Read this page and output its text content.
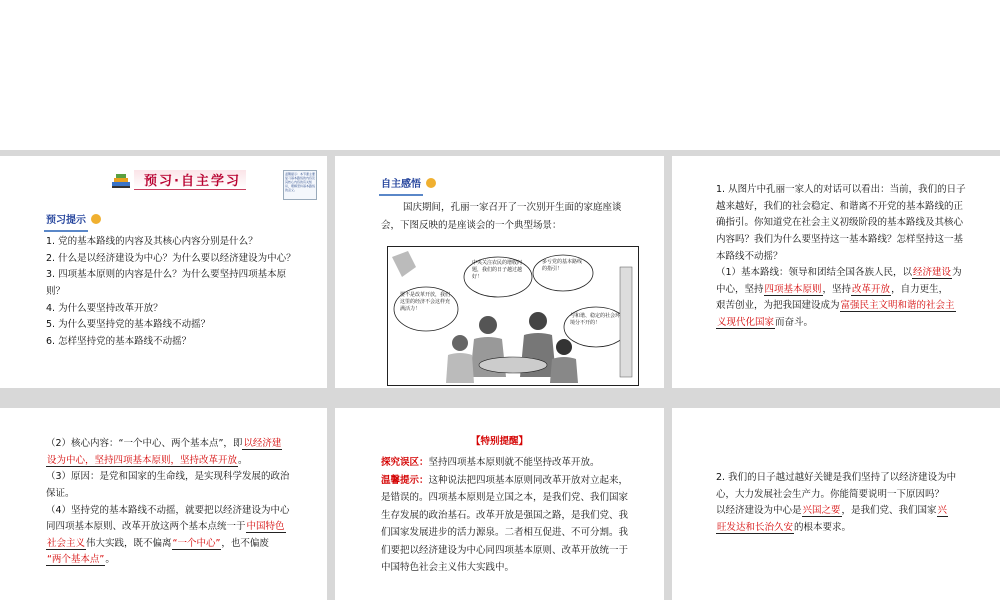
预习·自主学习	温馨提示：本节课主要复习基本路线的内容及其核心内容的有关知识，理解坚持基本路线的意义。
预习提示

1. 党的基本路线的内容及其核心内容分别是什么？

2. 什么是以经济建设为中心？为什么要以经济建设为中心？

3. 四项基本原则的内容是什么？为什么要坚持四项基本原

则？

4. 为什么要坚持改革开放？

5. 为什么要坚持党的基本路线不动摇？

6. 怎样坚持党的基本路线不动摇？

自主感悟

国庆期间，孔丽一家召开了一次别开生面的家庭座谈

会，下图反映的是座谈会的一个典型场景：

中央关注农民的增收问题，我们的日子越过越好！
多亏党的基本路线的指引！
要不是改革开放，我们这里的经济不会这样充满活力！
与和谐、稳定的社会环境分不开的！

1. 从图片中孔丽一家人的对话可以看出：当前，我们的日子

越来越好，我们的社会稳定、和谐离不开党的基本路线的正

确指引。你知道党在社会主义初级阶段的基本路线及其核心

内容吗？我们为什么要坚持这一基本路线？怎样坚持这一基

本路线不动摇？

（1）基本路线：领导和团结全国各族人民，以经济建设为

中心，坚持四项基本原则，坚持改革开放，自力更生，

艰苦创业，为把我国建设成为富强民主文明和谐的社会主

义现代化国家而奋斗。

（2）核心内容：“一个中心、两个基本点”，即以经济建

设为中心，坚持四项基本原则，坚持改革开放。

（3）原因：是党和国家的生命线，是实现科学发展的政治

保证。

（4）坚持党的基本路线不动摇，就要把以经济建设为中心

同四项基本原则、改革开放这两个基本点统一于中国特色

社会主义伟大实践，既不偏离“一个中心”，也不偏废

“两个基本点”。

【特别提醒】

探究误区：坚持四项基本原则就不能坚持改革开放。

温馨提示：这种说法把四项基本原则同改革开放对立起来，

是错误的。四项基本原则是立国之本，是我们党、我们国家

生存发展的政治基石。改革开放是强国之路，是我们党、我

们国家发展进步的活力源泉。二者相互促进、不可分割。我

们要把以经济建设为中心同四项基本原则、改革开放统一于

中国特色社会主义伟大实践中。

2. 我们的日子越过越好关键是我们坚持了以经济建设为中

心，大力发展社会生产力。你能简要说明一下原因吗？

以经济建设为中心是兴国之要，是我们党、我们国家兴

旺发达和长治久安的根本要求。
